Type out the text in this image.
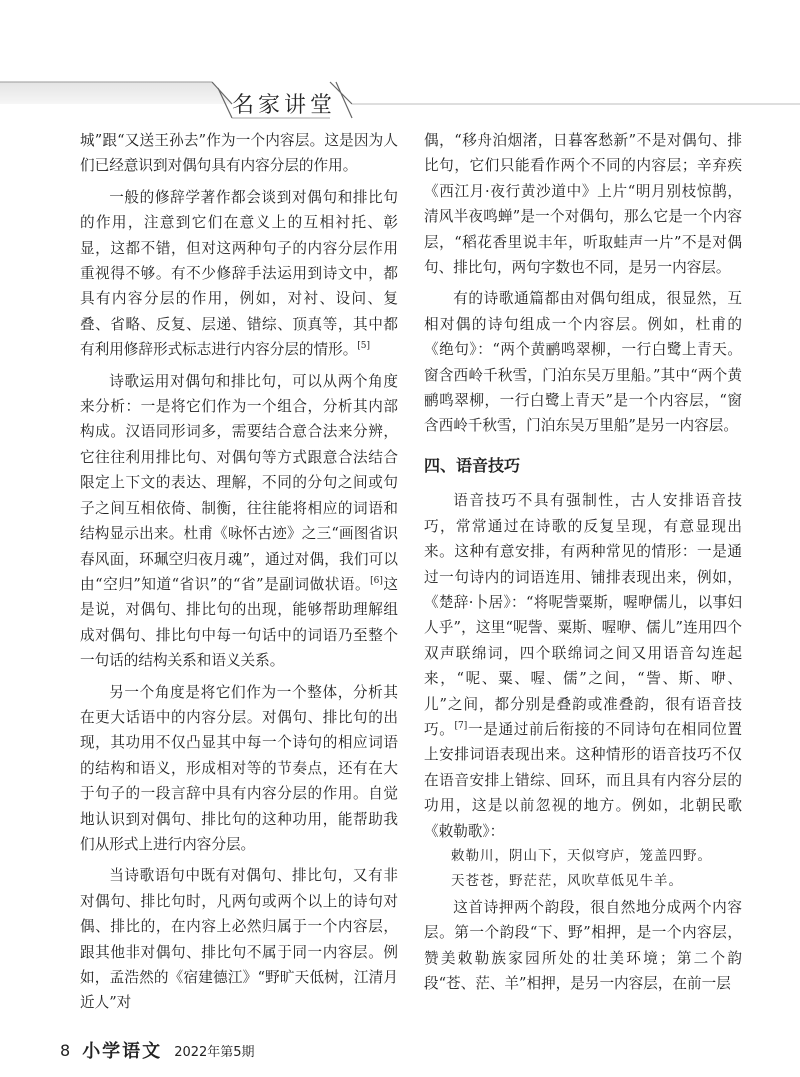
名家讲堂

城”跟“又送王孙去”作为一个内容层。这是因为人们已经意识到对偶句具有内容分层的作用。

一般的修辞学著作都会谈到对偶句和排比句的作用，注意到它们在意义上的互相衬托、彰显，这都不错，但对这两种句子的内容分层作用重视得不够。有不少修辞手法运用到诗文中，都具有内容分层的作用，例如，对衬、设问、复叠、省略、反复、层递、错综、顶真等，其中都有利用修辞形式标志进行内容分层的情形。[5]

诗歌运用对偶句和排比句，可以从两个角度来分析：一是将它们作为一个组合，分析其内部构成。汉语同形词多，需要结合意合法来分辨，它往往利用排比句、对偶句等方式跟意合法结合限定上下文的表达、理解，不同的分句之间或句子之间互相依倚、制衡，往往能将相应的词语和结构显示出来。杜甫《咏怀古迹》之三“画图省识春风面，环珮空归夜月魂”，通过对偶，我们可以由“空归”知道“省识”的“省”是副词做状语。[6]这是说，对偶句、排比句的出现，能够帮助理解组成对偶句、排比句中每一句话中的词语乃至整个一句话的结构关系和语义关系。

另一个角度是将它们作为一个整体，分析其在更大话语中的内容分层。对偶句、排比句的出现，其功用不仅凸显其中每一个诗句的相应词语的结构和语义，形成相对等的节奏点，还有在大于句子的一段言辞中具有内容分层的作用。自觉地认识到对偶句、排比句的这种功用，能帮助我们从形式上进行内容分层。

当诗歌语句中既有对偶句、排比句，又有非对偶句、排比句时，凡两句或两个以上的诗句对偶、排比的，在内容上必然归属于一个内容层，跟其他非对偶句、排比句不属于同一内容层。例如，孟浩然的《宿建德江》“野旷天低树，江清月近人”对

偶，“移舟泊烟渚，日暮客愁新”不是对偶句、排比句，它们只能看作两个不同的内容层；辛弃疾《西江月·夜行黄沙道中》上片“明月别枝惊鹊，清风半夜鸣蝉”是一个对偶句，那么它是一个内容层，“稻花香里说丰年，听取蛙声一片”不是对偶句、排比句，两句字数也不同，是另一内容层。

有的诗歌通篇都由对偶句组成，很显然，互相对偶的诗句组成一个内容层。例如，杜甫的《绝句》：“两个黄鹂鸣翠柳，一行白鹭上青天。窗含西岭千秋雪，门泊东吴万里船。”其中“两个黄鹂鸣翠柳，一行白鹭上青天”是一个内容层，“窗含西岭千秋雪，门泊东吴万里船”是另一内容层。

四、语音技巧

语音技巧不具有强制性，古人安排语音技巧，常常通过在诗歌的反复呈现，有意显现出来。这种有意安排，有两种常见的情形：一是通过一句诗内的词语连用、铺排表现出来，例如，《楚辞·卜居》：“将呢訾粟斯，喔咿儒儿，以事妇人乎”，这里“呢訾、粟斯、喔咿、儒儿”连用四个双声联绵词，四个联绵词之间又用语音勾连起来，“呢、粟、喔、儒”之间，“訾、斯、咿、儿”之间，都分别是叠韵或准叠韵，很有语音技巧。[7]一是通过前后衔接的不同诗句在相同位置上安排词语表现出来。这种情形的语音技巧不仅在语音安排上错综、回环，而且具有内容分层的功用，这是以前忽视的地方。例如，北朝民歌《敕勒歌》：

敕勒川，阴山下，天似穹庐，笼盖四野。

天苍苍，野茫茫，风吹草低见牛羊。

这首诗押两个韵段，很自然地分成两个内容层。第一个韵段“下、野”相押，是一个内容层，赞美敕勒族家园所处的壮美环境；第二个韵段“苍、茫、羊”相押，是另一内容层，在前一层

8 小学语文 2022年第5期
